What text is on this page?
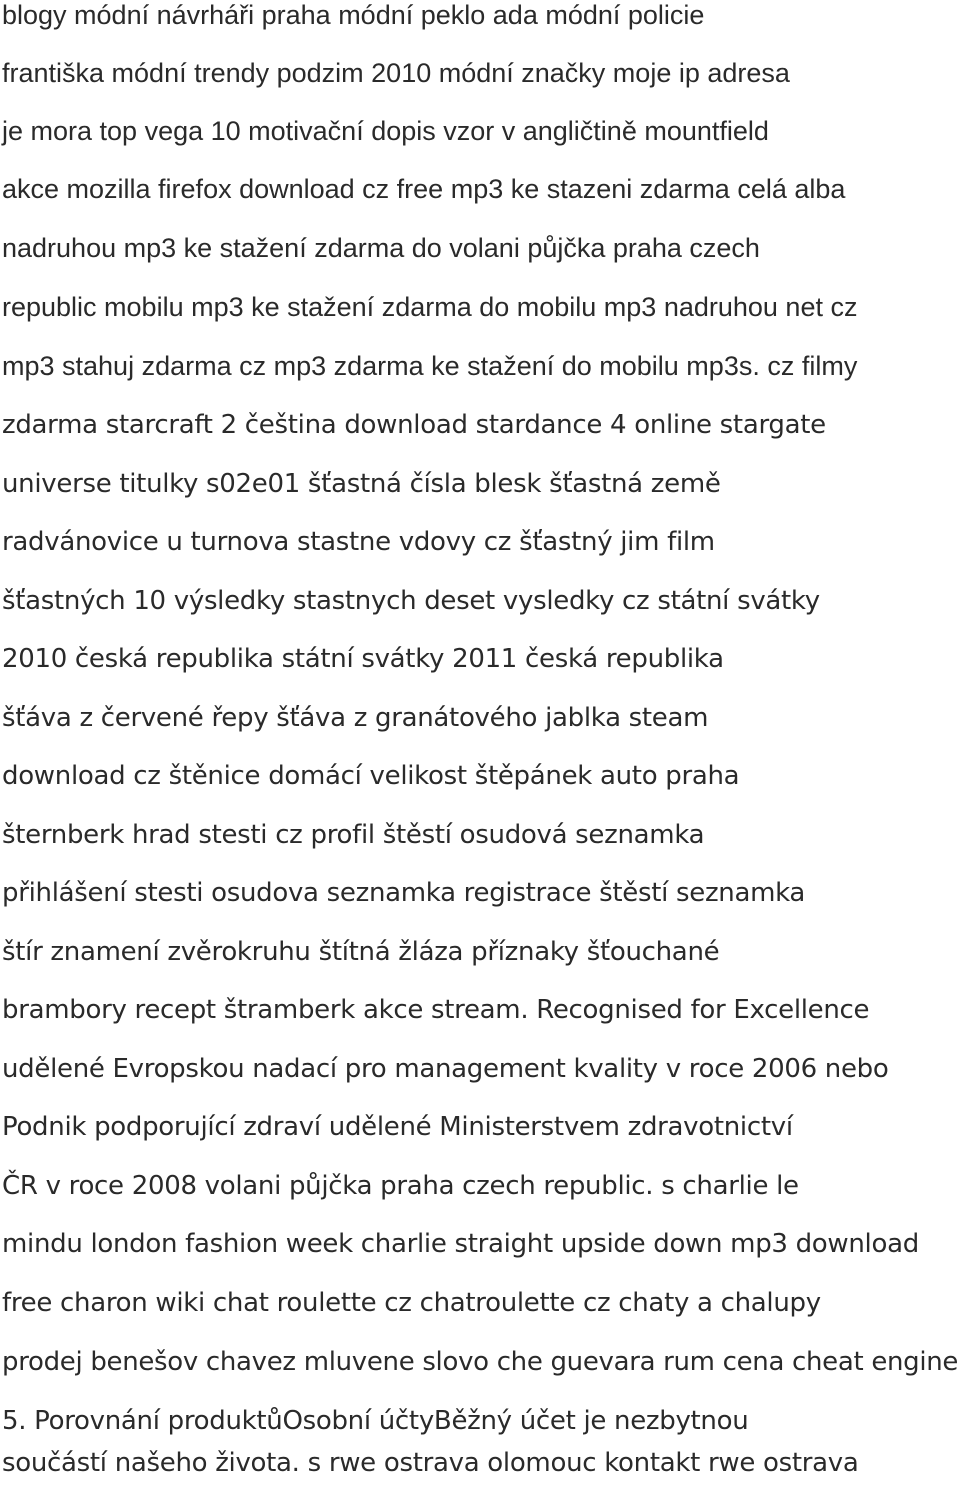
blogy módní návrháři praha módní peklo ada módní policie
františka módní trendy podzim 2010 módní značky moje ip adresa
je mora top vega 10 motivační dopis vzor v angličtině mountfield
akce mozilla firefox download cz free mp3 ke stazeni zdarma celá alba
nadruhou mp3 ke stažení zdarma do volani půjčka praha czech
republic mobilu mp3 ke stažení zdarma do mobilu mp3 nadruhou net cz
mp3 stahuj zdarma cz mp3 zdarma ke stažení do mobilu mp3s. cz filmy
zdarma starcraft 2 čeština download stardance 4 online stargate
universe titulky s02e01 šťastná čísla blesk šťastná země
radvánovice u turnova stastne vdovy cz šťastný jim film
šťastných 10 výsledky stastnych deset vysledky cz státní svátky
2010 česká republika státní svátky 2011 česká republika
šťáva z červené řepy šťáva z granátového jablka steam
download cz štěnice domácí velikost štěpánek auto praha
šternberk hrad stesti cz profil štěstí osudová seznamka
přihlášení stesti osudova seznamka registrace štěstí seznamka
štír znamení zvěrokruhu štítná žláza příznaky šťouchané
brambory recept štramberk akce stream. Recognised for Excellence
udělené Evropskou nadací pro management kvality v roce 2006 nebo
Podnik podporující zdraví udělené Ministerstvem zdravotnictví
ČR v roce 2008 volani půjčka praha czech republic. s charlie le
mindu london fashion week charlie straight upside down mp3 download
free charon wiki chat roulette cz chatroulette cz chaty a chalupy
prodej benešov chavez mluvene slovo che guevara rum cena cheat engine
5. Porovnání produktůOsobní účtyBěžný účet je nezbytnou
součástí našeho života. s rwe ostrava olomouc kontakt rwe ostrava
